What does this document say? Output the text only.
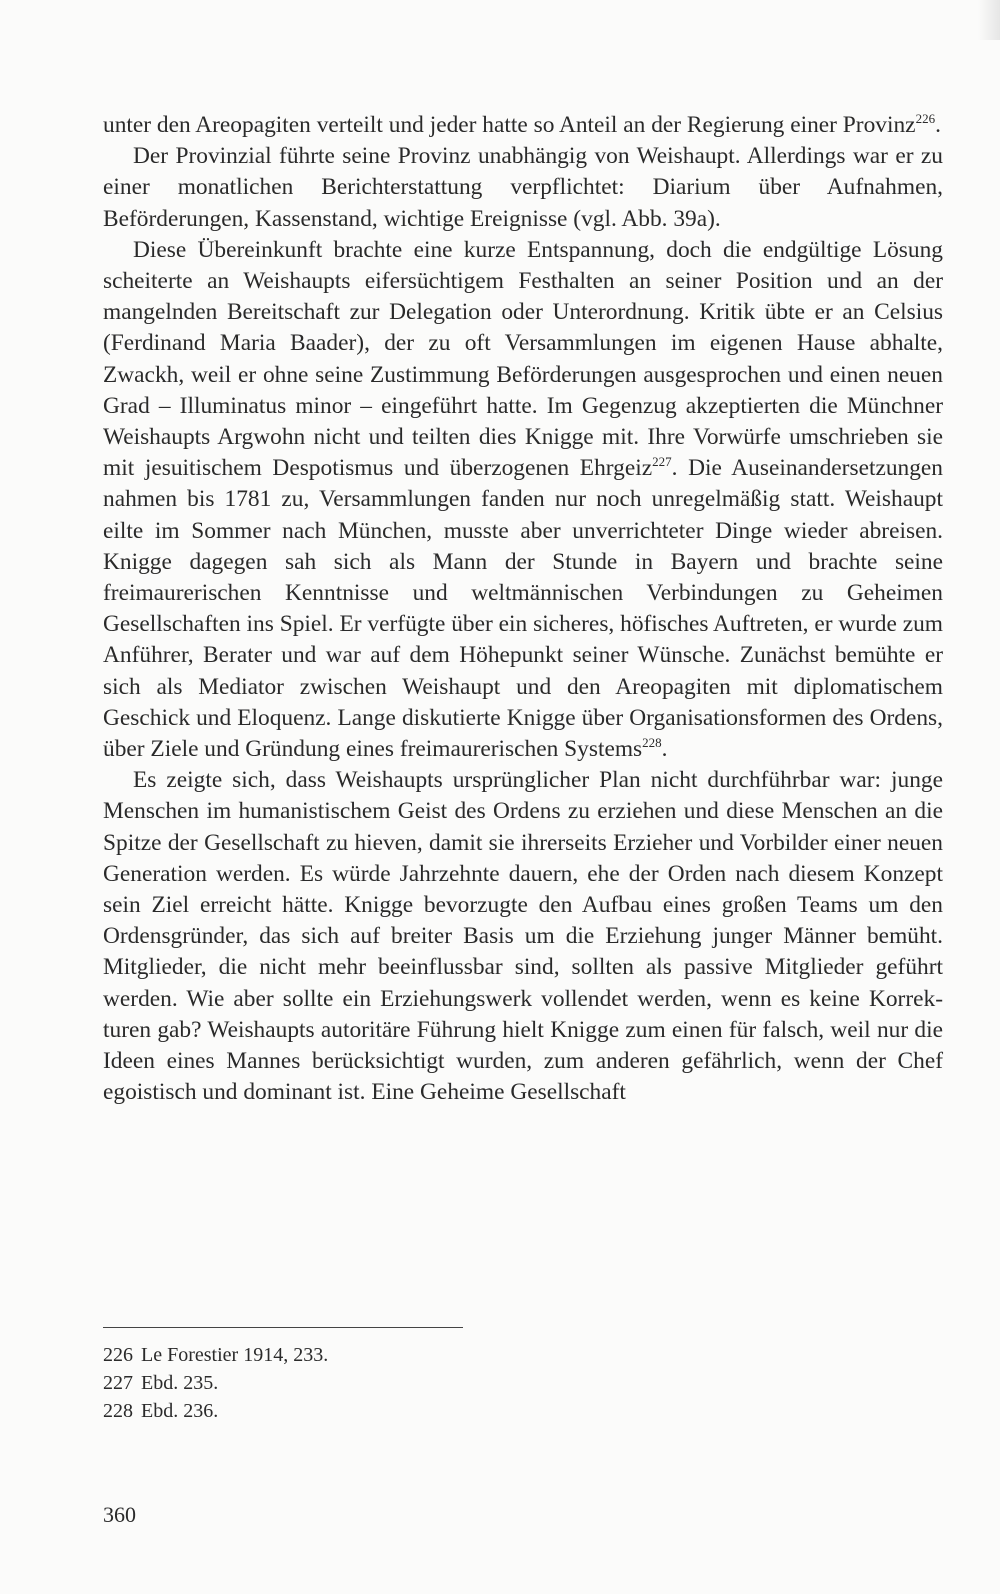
unter den Areopagiten verteilt und jeder hatte so Anteil an der Regierung einer Provinz$^{226}$.

Der Provinzial führte seine Provinz unabhängig von Weishaupt. Allerdings war er zu einer monatlichen Berichterstattung verpflichtet: Diarium über Aufnahmen, Beförderungen, Kassenstand, wichtige Ereignisse (vgl. Abb. 39a).

Diese Übereinkunft brachte eine kurze Entspannung, doch die endgültige Lösung scheiterte an Weishaupts eifersüchtigem Festhalten an seiner Position und an der mangelnden Bereitschaft zur Delegation oder Unterordnung. Kritik übte er an Celsius (Ferdinand Maria Baader), der zu oft Versammlungen im eigenen Hause abhalte, Zwackh, weil er ohne seine Zustimmung Beförderungen ausgesprochen und einen neuen Grad – Illuminatus minor – eingeführt hatte. Im Gegenzug akzeptierten die Münchner Weishaupts Argwohn nicht und teilten dies Knigge mit. Ihre Vorwürfe umschrieben sie mit jesuitischem Despotismus und überzogenen Ehrgeiz$^{227}$. Die Auseinandersetzungen nahmen bis 1781 zu, Versammlungen fanden nur noch unregelmäßig statt. Weishaupt eilte im Sommer nach München, musste aber unverrichteter Dinge wieder abreisen. Knigge dagegen sah sich als Mann der Stunde in Bayern und brachte seine freimaurerischen Kenntnisse und weltmännischen Verbindungen zu Geheimen Gesellschaften ins Spiel. Er verfügte über ein sicheres, höfisches Auftreten, er wurde zum Anführer, Berater und war auf dem Höhepunkt seiner Wünsche. Zunächst bemühte er sich als Mediator zwischen Weishaupt und den Areopagiten mit diplomatischem Geschick und Eloquenz. Lange diskutierte Knigge über Organisationsformen des Ordens, über Ziele und Gründung eines freimaurerischen Systems$^{228}$.

Es zeigte sich, dass Weishaupts ursprünglicher Plan nicht durchführbar war: junge Menschen im humanistischem Geist des Ordens zu erziehen und diese Menschen an die Spitze der Gesellschaft zu hieven, damit sie ihrerseits Erzieher und Vorbilder einer neuen Generation werden. Es würde Jahrzehnte dauern, ehe der Orden nach diesem Konzept sein Ziel erreicht hätte. Knigge bevorzugte den Aufbau eines großen Teams um den Ordensgründer, das sich auf breiter Basis um die Erziehung junger Männer bemüht. Mitglieder, die nicht mehr beeinflussbar sind, sollten als passive Mitglieder geführt werden. Wie aber sollte ein Erziehungswerk vollendet werden, wenn es keine Korrekturen gab? Weishaupts autoritäre Führung hielt Knigge zum einen für falsch, weil nur die Ideen eines Mannes berücksichtigt wurden, zum anderen gefährlich, wenn der Chef egoistisch und dominant ist. Eine Geheime Gesellschaft

226 Le Forestier 1914, 233.
227 Ebd. 235.
228 Ebd. 236.
360
